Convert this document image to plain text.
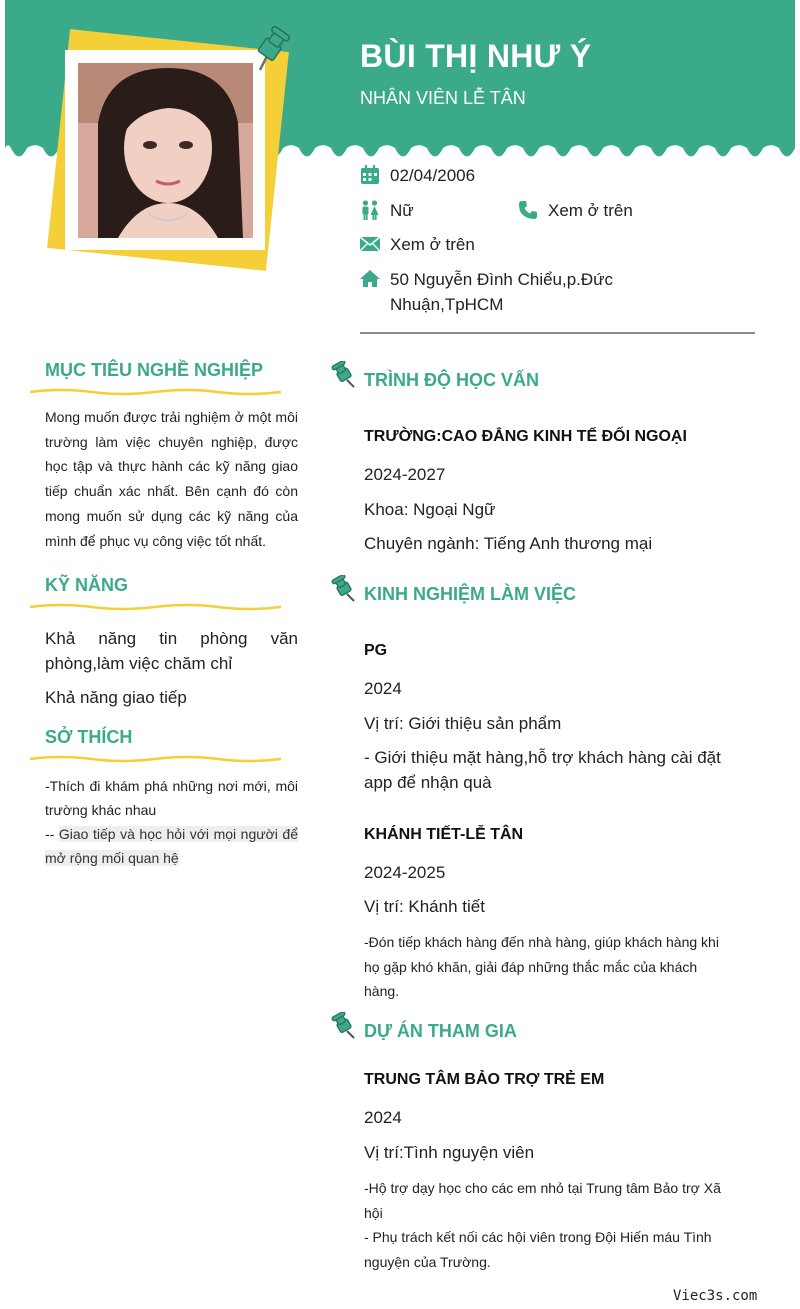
BÙI THỊ NHƯ Ý
NHÂN VIÊN LỄ TÂN
02/04/2006
Nữ	Xem ở trên
Xem ở trên
50 Nguyễn Đình Chiểu,p.Đức
Nhuận,TpHCM
MỤC TIÊU NGHỀ NGHIỆP
Mong muốn được trải nghiệm ở một môi
trường làm việc chuyên nghiệp, được
học tập và thực hành các kỹ năng giao
tiếp chuẩn xác nhất. Bên cạnh đó còn
mong muốn sử dụng các kỹ năng của
mình để phục vụ công việc tốt nhất.
KỸ NĂNG
Khả năng tin phòng văn
phòng,làm việc chăm chỉ
Khả năng giao tiếp
SỞ THÍCH
-Thích đi khám phá những nơi mới, môi
trường khác nhau
-- Giao tiếp và học hỏi với mọi người để
mở rộng mối quan hệ
TRÌNH ĐỘ HỌC VẤN
TRƯỜNG:CAO ĐẲNG KINH TẾ ĐỐI NGOẠI
2024-2027
Khoa: Ngoại Ngữ
Chuyên ngành: Tiếng Anh thương mại
KINH NGHIỆM LÀM VIỆC
PG
2024
Vị trí: Giới thiệu sản phẩm
- Giới thiệu mặt hàng,hỗ trợ khách hàng cài đặt
app để nhận quà
KHÁNH TIẾT-LỄ TÂN
2024-2025
Vị trí: Khánh tiết
-Đón tiếp khách hàng đến nhà hàng, giúp khách hàng khi
họ gặp khó khăn, giải đáp những thắc mắc của khách
hàng.
DỰ ÁN THAM GIA
TRUNG TÂM BẢO TRỢ TRẺ EM
2024
Vị trí:Tình nguyện viên
-Hộ trợ dạy học cho các em nhỏ tại Trung tâm Bảo trợ Xã
hội
- Phụ trách kết nối các hội viên trong Đội Hiến máu Tình
nguyện của Trường.
Viec3s.com
